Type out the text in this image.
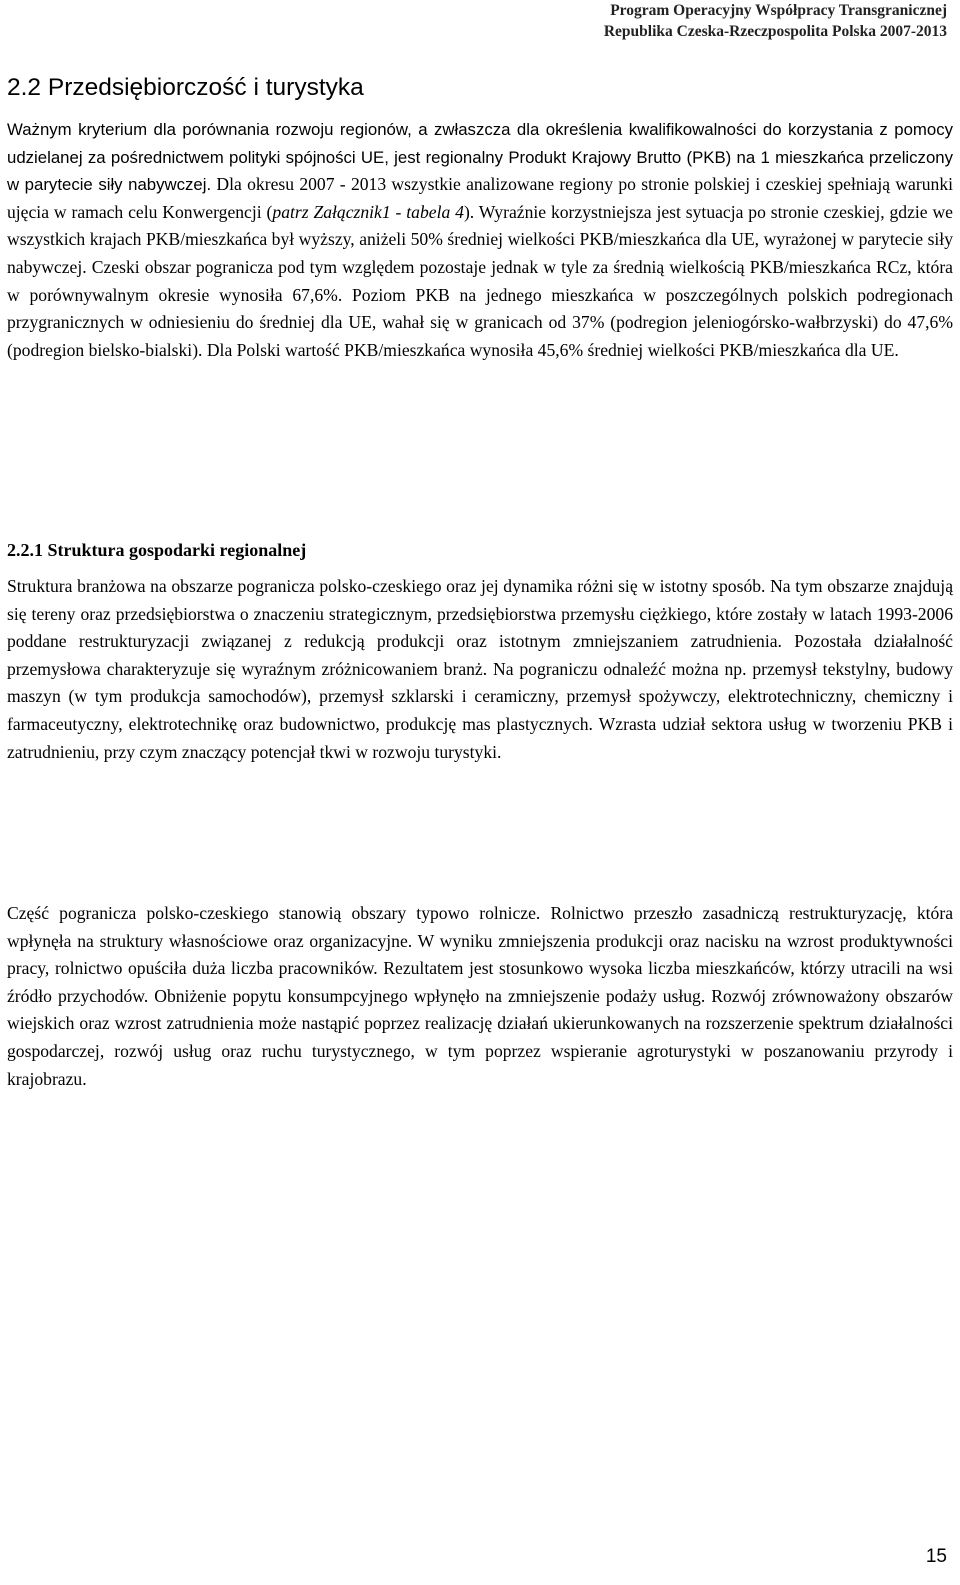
Program Operacyjny Współpracy Transgranicznej
Republika Czeska-Rzeczpospolita Polska 2007-2013
2.2 Przedsiębiorczość i turystyka

Ważnym kryterium dla porównania rozwoju regionów, a zwłaszcza dla określenia kwalifikowalności do korzystania z pomocy udzielanej za pośrednictwem polityki spójności UE, jest regionalny Produkt Krajowy Brutto (PKB) na 1 mieszkańca przeliczony w parytecie siły nabywczej. Dla okresu 2007 - 2013 wszystkie analizowane regiony po stronie polskiej i czeskiej spełniają warunki ujęcia w ramach celu Konwergencji (patrz Załącznik1 - tabela 4). Wyraźnie korzystniejsza jest sytuacja po stronie czeskiej, gdzie we wszystkich krajach PKB/mieszkańca był wyższy, aniżeli 50% średniej wielkości PKB/mieszkańca dla UE, wyrażonej w parytecie siły nabywczej. Czeski obszar pogranicza pod tym względem pozostaje jednak w tyle za średnią wielkością PKB/mieszkańca RCz, która w porównywalnym okresie wynosiła 67,6%. Poziom PKB na jednego mieszkańca w poszczególnych polskich podregionach przygranicznych w odniesieniu do średniej dla UE, wahał się w granicach od 37% (podregion jeleniogórsko-wałbrzyski) do 47,6% (podregion bielsko-bialski). Dla Polski wartość PKB/mieszkańca wynosiła 45,6% średniej wielkości PKB/mieszkańca dla UE.

2.2.1 Struktura gospodarki regionalnej

Struktura branżowa na obszarze pogranicza polsko-czeskiego oraz jej dynamika różni się w istotny sposób. Na tym obszarze znajdują się tereny oraz przedsiębiorstwa o znaczeniu strategicznym, przedsiębiorstwa przemysłu ciężkiego, które zostały w latach 1993-2006 poddane restrukturyzacji związanej z redukcją produkcji oraz istotnym zmniejszaniem zatrudnienia. Pozostała działalność przemysłowa charakteryzuje się wyraźnym zróżnicowaniem branż. Na pograniczu odnaleźć można np. przemysł tekstylny, budowy maszyn (w tym produkcja samochodów), przemysł szklarski i ceramiczny, przemysł spożywczy, elektrotechniczny, chemiczny i farmaceutyczny, elektrotechnikę oraz budownictwo, produkcję mas plastycznych. Wzrasta udział sektora usług w tworzeniu PKB i zatrudnieniu, przy czym znaczący potencjał tkwi w rozwoju turystyki.

Część pogranicza polsko-czeskiego stanowią obszary typowo rolnicze. Rolnictwo przeszło zasadniczą restrukturyzację, która wpłynęła na struktury własnościowe oraz organizacyjne. W wyniku zmniejszenia produkcji oraz nacisku na wzrost produktywności pracy, rolnictwo opuściła duża liczba pracowników. Rezultatem jest stosunkowo wysoka liczba mieszkańców, którzy utracili na wsi źródło przychodów. Obniżenie popytu konsumpcyjnego wpłynęło na zmniejszenie podaży usług. Rozwój zrównoważony obszarów wiejskich oraz wzrost zatrudnienia może nastąpić poprzez realizację działań ukierunkowanych na rozszerzenie spektrum działalności gospodarczej, rozwój usług oraz ruchu turystycznego, w tym poprzez wspieranie agroturystyki w poszanowaniu przyrody i krajobrazu.

15
